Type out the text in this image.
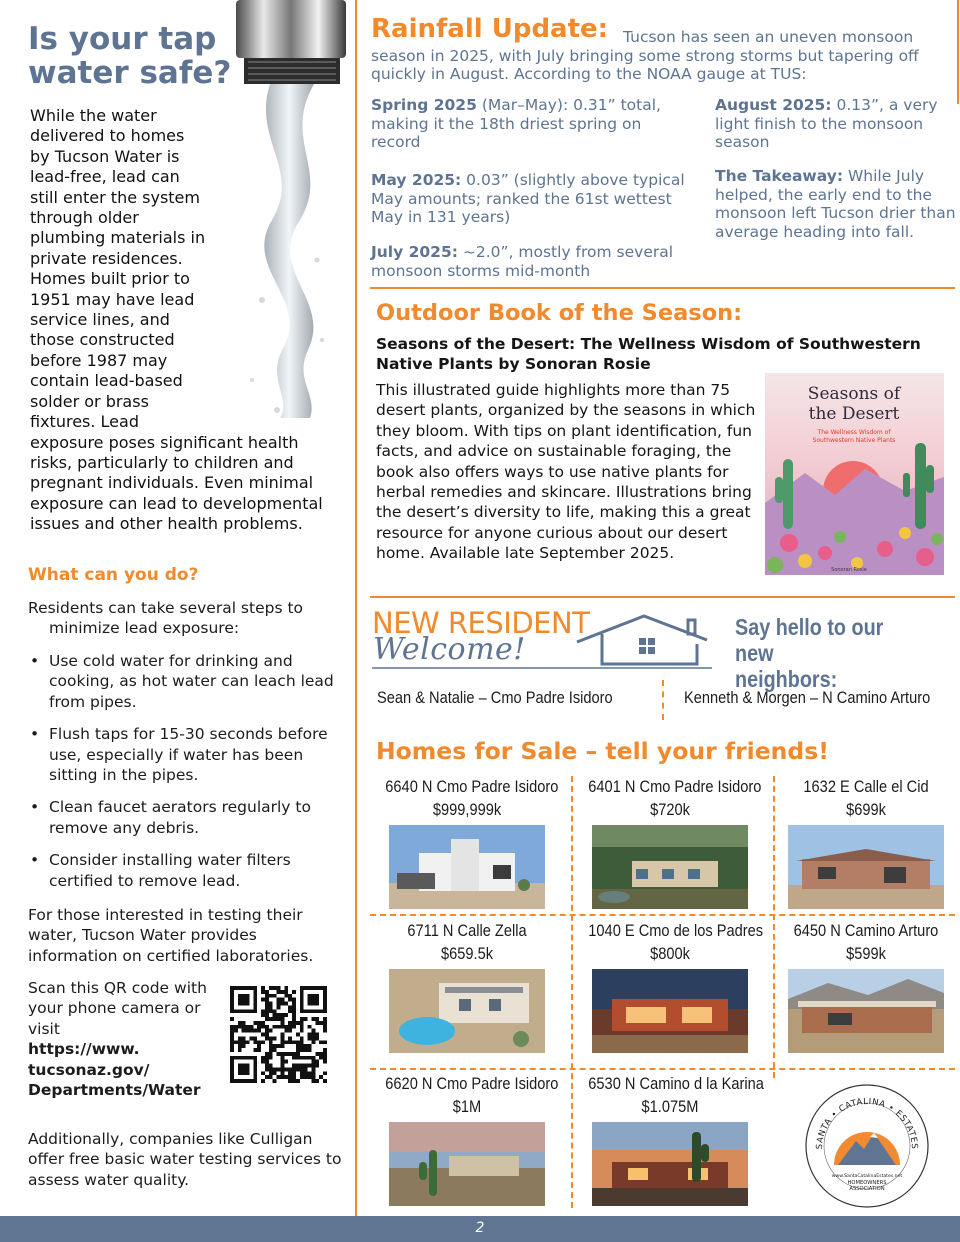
Is your tap
water safe?

While the water
delivered to homes
by Tucson Water is
lead-free, lead can
still enter the system
through older
plumbing materials in
private residences.
Homes built prior to
1951 may have lead
service lines, and
those constructed
before 1987 may
contain lead-based
solder or brass
fixtures. Lead
exposure poses significant health
risks, particularly to children and
pregnant individuals. Even minimal
exposure can lead to developmental
issues and other health problems.

What can you do?

Residents can take several steps to minimize lead exposure:

• Use cold water for drinking and cooking, as hot water can leach lead from pipes.
• Flush taps for 15-30 seconds before use, especially if water has been sitting in the pipes.
• Clean faucet aerators regularly to remove any debris.
• Consider installing water filters certified to remove lead.

For those interested in testing their water, Tucson Water provides information on certified laboratories.

Scan this QR code with your phone camera or visit
https://www.
tucsonaz.gov/
Departments/Water

Additionally, companies like Culligan offer free basic water testing services to assess water quality.

Rainfall Update: Tucson has seen an uneven monsoon season in 2025, with July bringing some strong storms but tapering off quickly in August. According to the NOAA gauge at TUS:

Spring 2025 (Mar–May): 0.31” total, making it the 18th driest spring on record

May 2025: 0.03” (slightly above typical May amounts; ranked the 61st wettest May in 131 years)

July 2025: ~2.0”, mostly from several monsoon storms mid-month

August 2025: 0.13”, a very light finish to the monsoon season

The Takeaway: While July helped, the early end to the monsoon left Tucson drier than average heading into fall.

Outdoor Book of the Season:

Seasons of the Desert: The Wellness Wisdom of Southwestern Native Plants by Sonoran Rosie

This illustrated guide highlights more than 75 desert plants, organized by the seasons in which they bloom. With tips on plant identification, fun facts, and advice on sustainable foraging, the book also offers ways to use native plants for herbal remedies and skincare. Illustrations bring the desert’s diversity to life, making this a great resource for anyone curious about our desert home. Available late September 2025.

Seasons of
the Desert
The Wellness Wisdom of
Southwestern Native Plants
Sonoran Rosie
NEW RESIDENT
Welcome!
Say hello to our new
neighbors:
Sean & Natalie – Cmo Padre Isidoro	Kenneth & Morgen – N Camino Arturo
Homes for Sale – tell your friends!
6640 N Cmo Padre Isidoro
$999,999k
6401 N Cmo Padre Isidoro
$720k
1632 E Calle el Cid
$699k
6711 N Calle Zella
$659.5k
1040 E Cmo de los Padres
$800k
6450 N Camino Arturo
$599k
6620 N Cmo Padre Isidoro
$1M
6530 N Camino d la Karina
$1.075M
SANTA • CATALINA • ESTATES
www.SantaCatalinaEstates.net
HOMEOWNERS
ASSOCIATION
2
